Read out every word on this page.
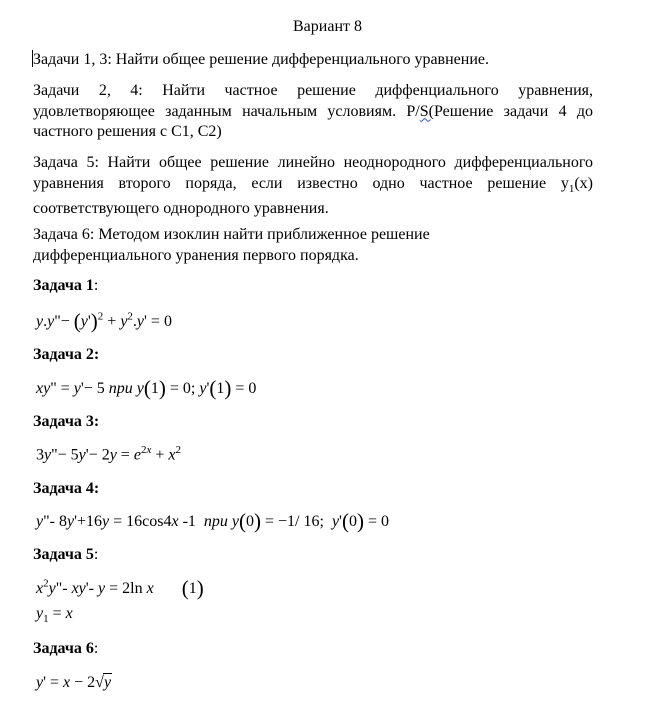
Вариант 8
Задачи 1, 3: Найти общее решение дифференциального уравнение.
Задачи 2, 4: Найти частное решение диффенциального уравнения, удовлетворяющее заданным начальным условиям. P/S(Решение задачи 4 до частного решения с С1, С2)
Задача 5: Найти общее решение линейно неоднородного дифференциального уравнения второго поряда, если известно одно частное решение $y_1(x)$ соответствующего однородного уравнения.
Задача 6: Методом изоклин найти приближенное решение
дифференциального уранения первого порядка.
Задача 1:
y.y"− $(y')^2 + y^2.y' = 0$
Задача 2:
xy" = y'− 5 при y(1) = 0; y'(1) = 0
Задача 3:
3y"− $5y'- 2y = e^{2x} + x^2$
Задача 4:
y"- 8y'+16y = 16cos4x -1  при y(0) = −1/ 16;  y'(0) = 0
Задача 5:
$x^2y"-$ xy'- y = 2ln x (1)
$y_1 = x$
Задача 6:
y' = x − 2√y
